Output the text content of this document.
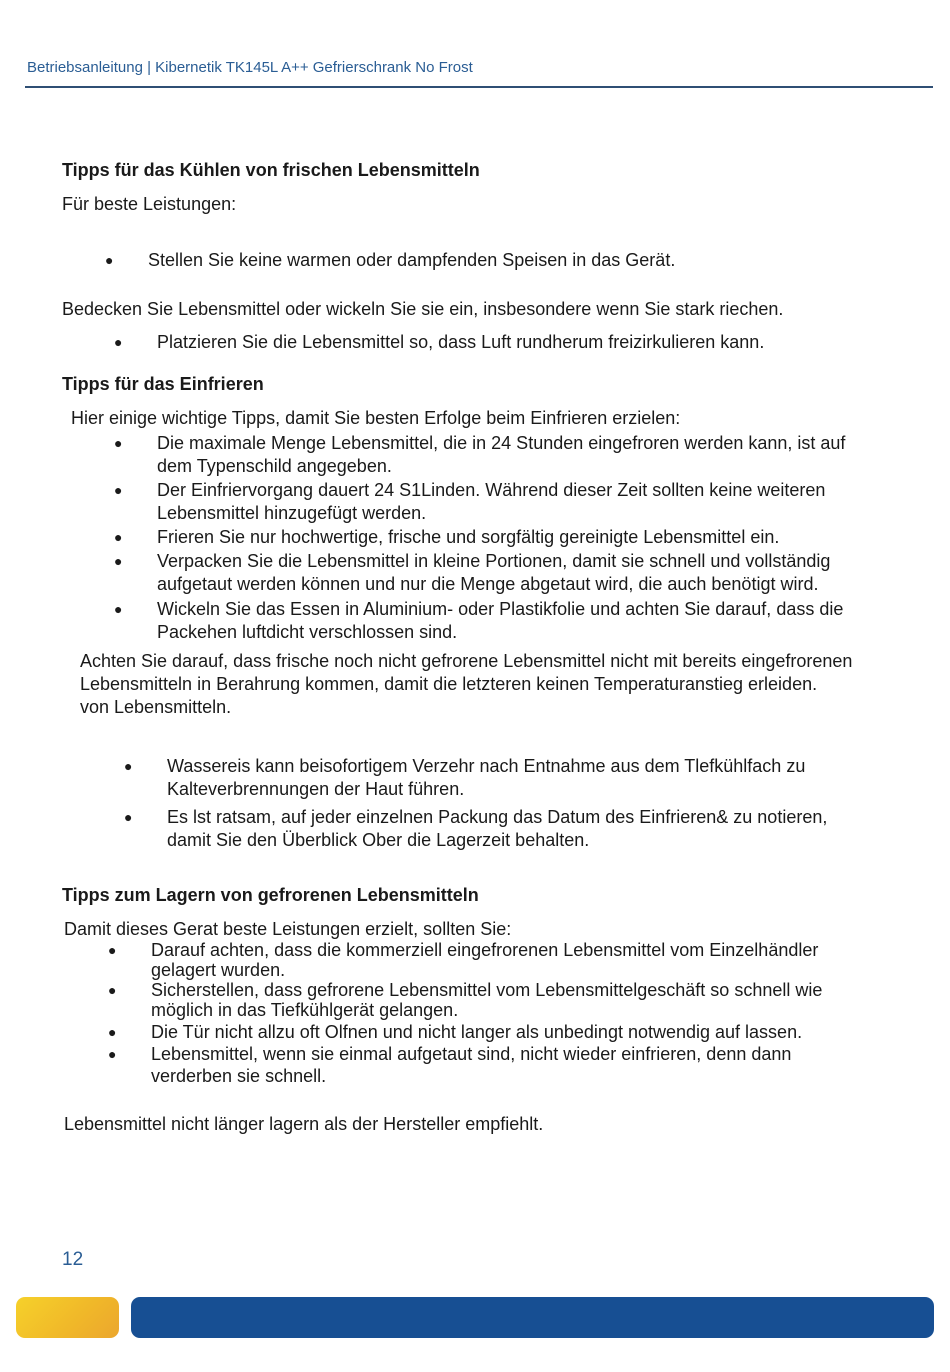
Betriebsanleitung | Kibernetik TK145L A++ Gefrierschrank No Frost
Tipps für das Kühlen von frischen Lebensmitteln
Für beste Leistungen:
● Stellen Sie keine warmen oder dampfenden Speisen in das Gerät.
Bedecken Sie Lebensmittel oder wickeln Sie sie ein, insbesondere wenn Sie stark riechen.
● Platzieren Sie die Lebensmittel so, dass Luft rundherum freizirkulieren kann.
Tipps für das Einfrieren
Hier einige wichtige Tipps, damit Sie besten Erfolge beim Einfrieren erzielen:
● Die maximale Menge Lebensmittel, die in 24 Stunden eingefroren werden kann, ist auf
dem Typenschild angegeben.
● Der Einfriervorgang dauert 24 S1Linden. Während dieser Zeit sollten keine weiteren
Lebensmittel hinzugefügt werden.
● Frieren Sie nur hochwertige, frische und sorgfältig gereinigte Lebensmittel ein.
● Verpacken Sie die Lebensmittel in kleine Portionen, damit sie schnell und vollständig
aufgetaut werden können und nur die Menge abgetaut wird, die auch benötigt wird.
● Wickeln Sie das Essen in Aluminium- oder Plastikfolie und achten Sie darauf, dass die
Packehen luftdicht verschlossen sind.
Achten Sie darauf, dass frische noch nicht gefrorene Lebensmittel nicht mit bereits eingefrorenen
Lebensmitteln in Berahrung kommen, damit die letzteren keinen Temperaturanstieg erleiden.
von Lebensmitteln.
● Wassereis kann beisofortigem Verzehr nach Entnahme aus dem Tlefkühlfach zu
Kalteverbrennungen der Haut führen.
● Es lst ratsam, auf jeder einzelnen Packung das Datum des Einfrieren& zu notieren,
damit Sie den Überblick Ober die Lagerzeit behalten.
Tipps zum Lagern von gefrorenen Lebensmitteln
Damit dieses Gerat beste Leistungen erzielt, sollten Sie:
● Darauf achten, dass die kommerziell eingefrorenen Lebensmittel vom Einzelhändler
gelagert wurden.
● Sicherstellen, dass gefrorene Lebensmittel vom Lebensmittelgeschäft so schnell wie
möglich in das Tiefkühlgerät gelangen.
● Die Tür nicht allzu oft Olfnen und nicht langer als unbedingt notwendig auf lassen.
● Lebensmittel, wenn sie einmal aufgetaut sind, nicht wieder einfrieren, denn dann
verderben sie schnell.
Lebensmittel nicht länger lagern als der Hersteller empfiehlt.
12
